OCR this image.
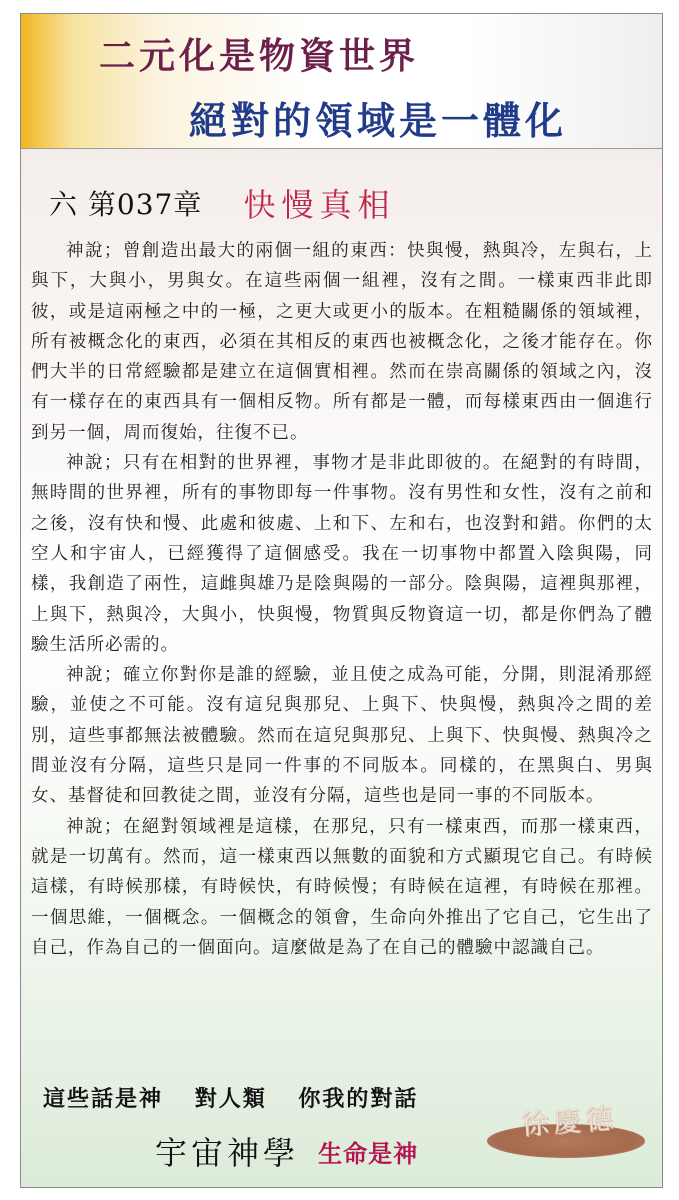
二元化是物資世界
絕對的領域是一體化
六 第037章 快慢真相

神說；曾創造出最大的兩個一組的東西：快與慢，熱與冷，左與右，上與下，大與小，男與女。在這些兩個一組裡，沒有之間。一樣東西非此即彼，或是這兩極之中的一極，之更大或更小的版本。在粗糙關係的領域裡，所有被概念化的東西，必須在其相反的東西也被概念化，之後才能存在。你們大半的日常經驗都是建立在這個實相裡。然而在崇高關係的領域之內，沒有一樣存在的東西具有一個相反物。所有都是一體，而每樣東西由一個進行到另一個，周而復始，往復不已。

神說；只有在相對的世界裡，事物才是非此即彼的。在絕對的有時間，無時間的世界裡，所有的事物即每一件事物。沒有男性和女性，沒有之前和之後，沒有快和慢、此處和彼處、上和下、左和右，也沒對和錯。你們的太空人和宇宙人，已經獲得了這個感受。我在一切事物中都置入陰與陽，同樣，我創造了兩性，這雌與雄乃是陰與陽的一部分。陰與陽，這裡與那裡，上與下，熱與冷，大與小，快與慢，物質與反物資這一切，都是你們為了體驗生活所必需的。

神說；確立你對你是誰的經驗，並且使之成為可能，分開，則混淆那經驗，並使之不可能。沒有這兒與那兒、上與下、快與慢，熱與冷之間的差別，這些事都無法被體驗。然而在這兒與那兒、上與下、快與慢、熱與冷之間並沒有分隔，這些只是同一件事的不同版本。同樣的，在黑與白、男與女、基督徒和回教徒之間，並沒有分隔，這些也是同一事的不同版本。

神說；在絕對領域裡是這樣，在那兒，只有一樣東西，而那一樣東西，就是一切萬有。然而，這一樣東西以無數的面貌和方式顯現它自己。有時候這樣，有時候那樣，有時候快，有時候慢；有時候在這裡，有時候在那裡。一個思維，一個概念。一個概念的領會，生命向外推出了它自己，它生出了自己，作為自己的一個面向。這麼做是為了在自己的體驗中認識自己。

這些話是神 對人類 你我的對話
宇宙神學 生命是神
徐慶德
